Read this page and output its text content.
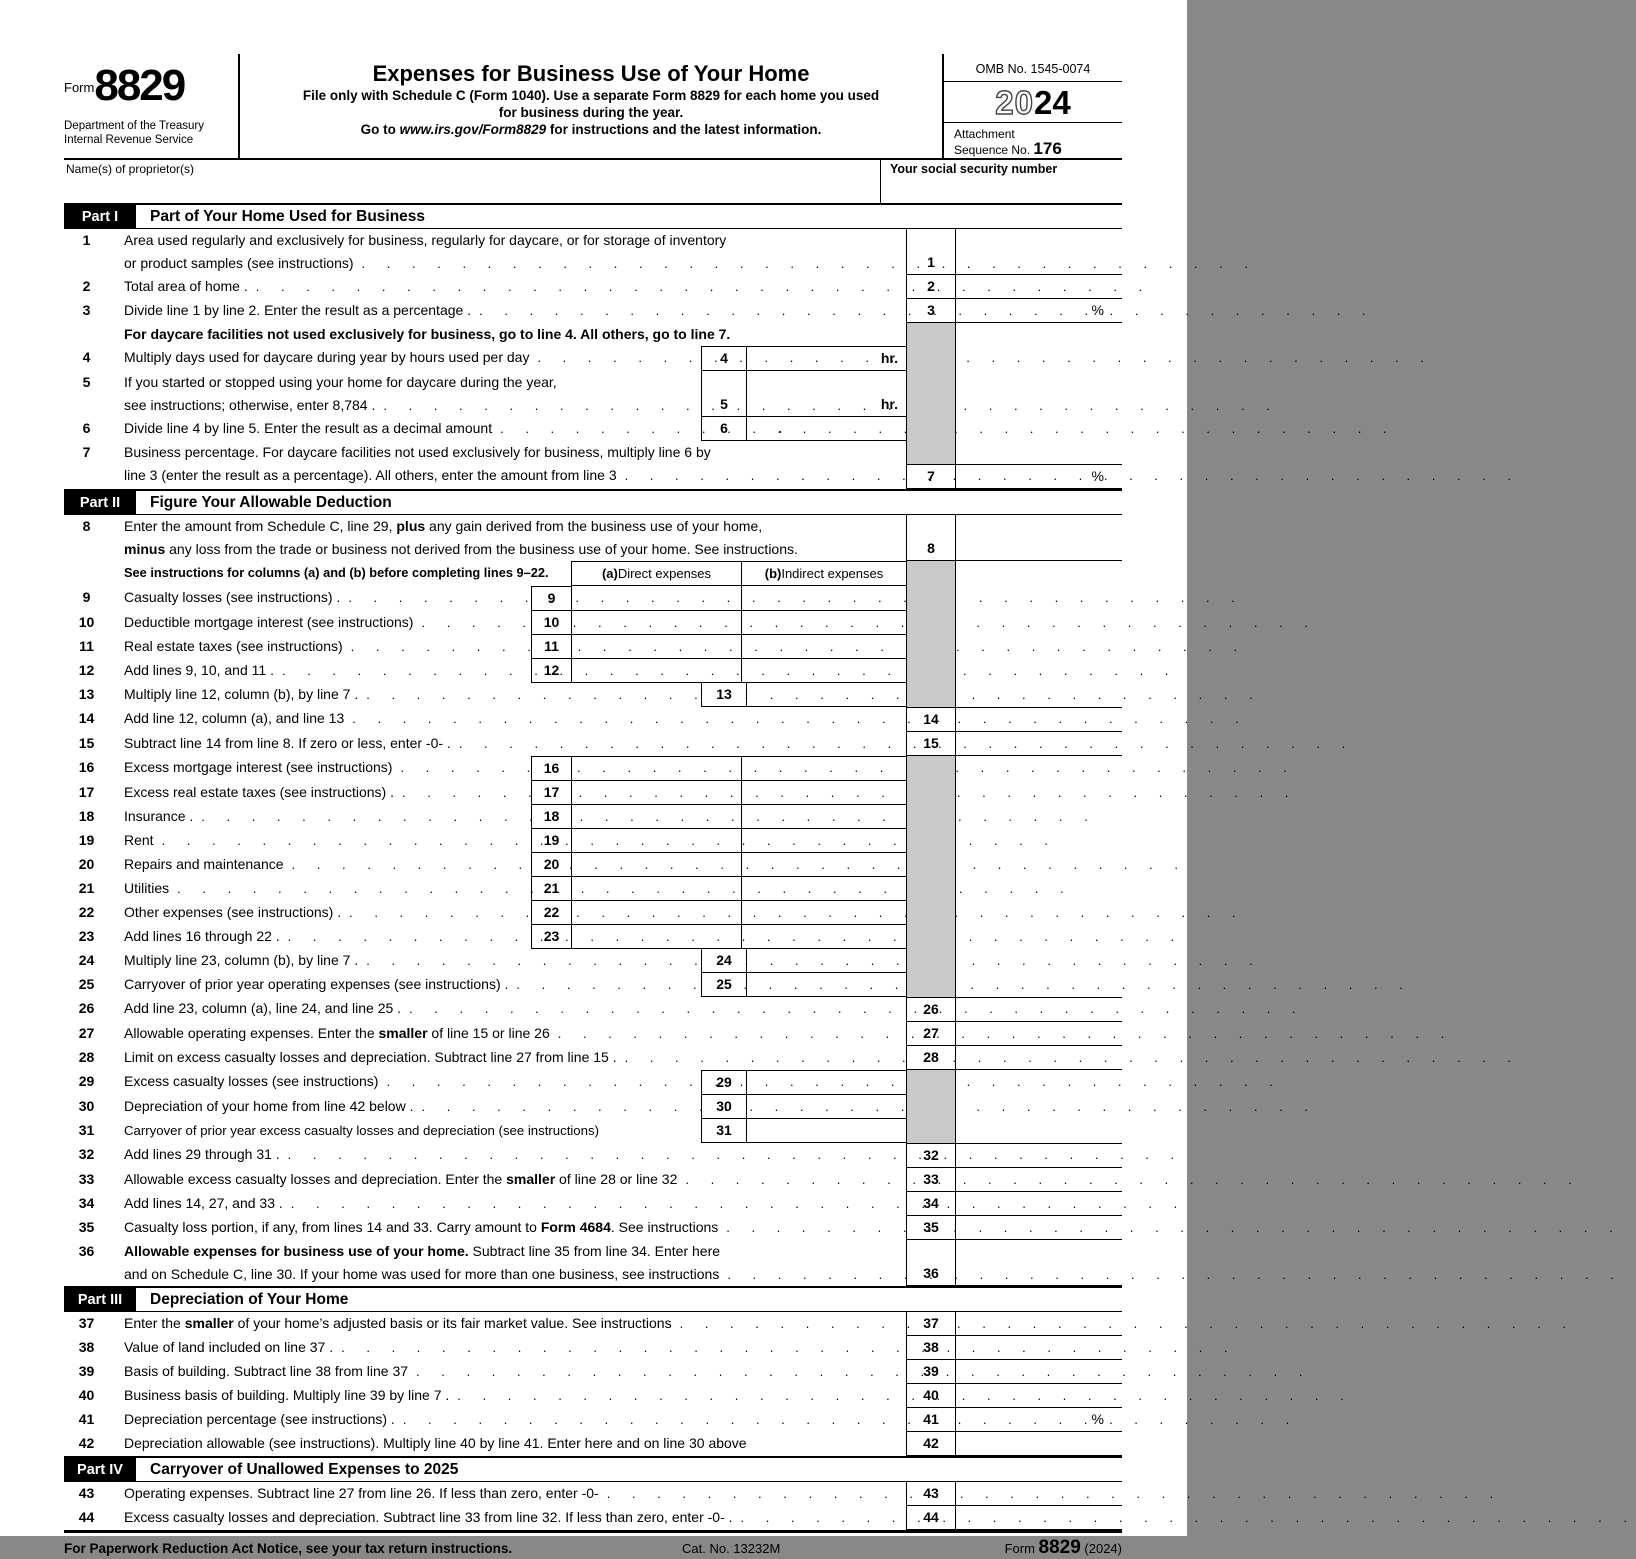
$^{Form}$8829
Department of the Treasury
Internal Revenue Service
Expenses for Business Use of Your Home
File only with Schedule C (Form 1040). Use a separate Form 8829 for each home you used
for business during the year.
Go to www.irs.gov/Form8829 for instructions and the latest information.
OMB No. 1545-0074
2024
Attachment
Sequence No. 176
Name(s) of proprietor(s)	Your social security number
Part I	Part of Your Home Used for Business
1	Area used regularly and exclusively for business, regularly for daycare, or for storage of inventory
or product samples (see instructions) . . .	1
2	Total area of home . . . .	2
3	Divide line 1 by line 2. Enter the result as a percentage . . . .	3	%
For daycare facilities not used exclusively for business, go to line 4. All others, go to line 7.
4	Multiply days used for daycare during year by hours used per day . . .	4	hr.
5	If you started or stopped using your home for daycare during the year,
see instructions; otherwise, enter 8,784 . . . .	5	hr.
6	Divide line 4 by line 5. Enter the result as a decimal amount . . .	6	.
7	Business percentage. For daycare facilities not used exclusively for business, multiply line 6 by
line 3 (enter the result as a percentage). All others, enter the amount from line 3 . . .	7	%
Part II	Figure Your Allowable Deduction
8	Enter the amount from Schedule C, line 29, plus any gain derived from the business use of your home,
minus any loss from the trade or business not derived from the business use of your home. See instructions.	8
See instructions for columns (a) and (b) before completing lines 9–22.	(a) Direct expenses	(b) Indirect expenses
9	Casualty losses (see instructions) . . . .	9
10	Deductible mortgage interest (see instructions) . . .	10
11	Real estate taxes (see instructions) . . .	11
12	Add lines 9, 10, and 11 . . . .	12
13	Multiply line 12, column (b), by line 7 . . . .	13
14	Add line 12, column (a), and line 13 . . .	14
15	Subtract line 14 from line 8. If zero or less, enter -0- . . . .	15
16	Excess mortgage interest (see instructions) . . .	16
17	Excess real estate taxes (see instructions) . . . .	17
18	Insurance . . . .	18
19	Rent . . .	19
20	Repairs and maintenance . . .	20
21	Utilities . . .	21
22	Other expenses (see instructions) . . . .	22
23	Add lines 16 through 22 . . . .	23
24	Multiply line 23, column (b), by line 7 . . . .	24
25	Carryover of prior year operating expenses (see instructions) . . . .	25
26	Add line 23, column (a), line 24, and line 25 . . . .	26
27	Allowable operating expenses. Enter the smaller of line 15 or line 26 . . .	27
28	Limit on excess casualty losses and depreciation. Subtract line 27 from line 15 . . . .	28
29	Excess casualty losses (see instructions) . . .	29
30	Depreciation of your home from line 42 below . . . .	30
31	Carryover of prior year excess casualty losses and depreciation (see instructions)	31
32	Add lines 29 through 31 . . . .	32
33	Allowable excess casualty losses and depreciation. Enter the smaller of line 28 or line 32 . . .	33
34	Add lines 14, 27, and 33 . . . .	34
35	Casualty loss portion, if any, from lines 14 and 33. Carry amount to Form 4684. See instructions . . .	35
36	Allowable expenses for business use of your home. Subtract line 35 from line 34. Enter here
and on Schedule C, line 30. If your home was used for more than one business, see instructions . . .	36
Part III	Depreciation of Your Home
37	Enter the smaller of your home’s adjusted basis or its fair market value. See instructions . . .	37
38	Value of land included on line 37 . . . .	38
39	Basis of building. Subtract line 38 from line 37 . . .	39
40	Business basis of building. Multiply line 39 by line 7 . . . .	40
41	Depreciation percentage (see instructions) . . . .	41	%
42	Depreciation allowable (see instructions). Multiply line 40 by line 41. Enter here and on line 30 above	42
Part IV	Carryover of Unallowed Expenses to 2025
43	Operating expenses. Subtract line 27 from line 26. If less than zero, enter -0- . . .	43
44	Excess casualty losses and depreciation. Subtract line 33 from line 32. If less than zero, enter -0- . . . .	44
For Paperwork Reduction Act Notice, see your tax return instructions.	Cat. No. 13232M	Form 8829 (2024)
